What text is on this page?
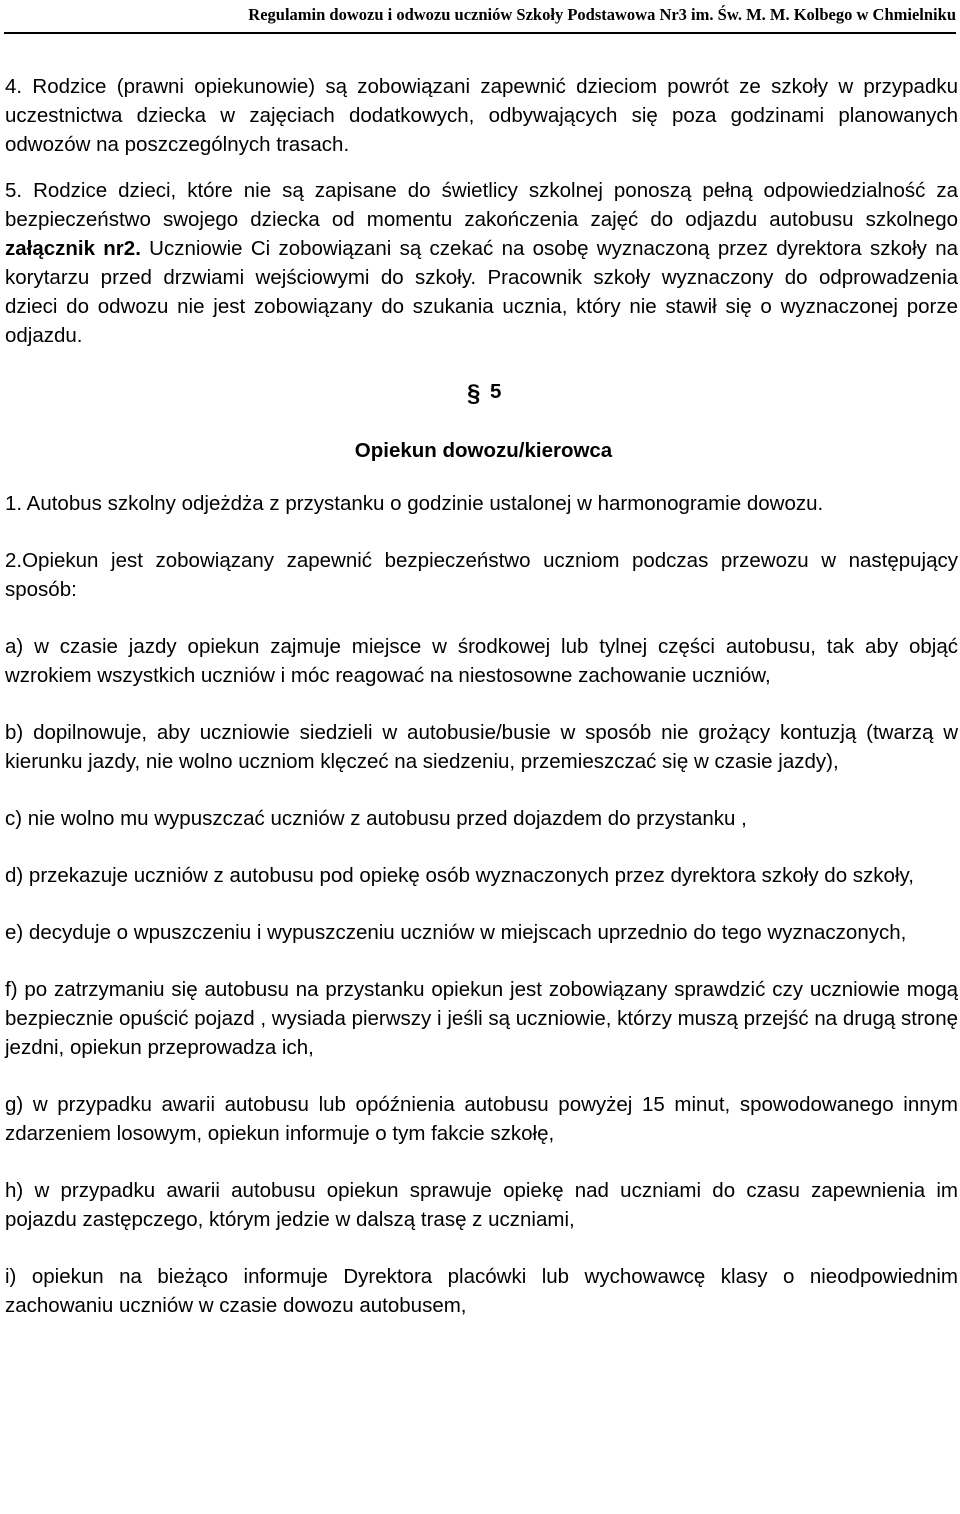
Regulamin dowozu i odwozu uczniów Szkoły Podstawowa Nr3 im. Św. M. M. Kolbego w Chmielniku

4. Rodzice (prawni opiekunowie) są zobowiązani zapewnić dzieciom powrót ze szkoły w przypadku uczestnictwa dziecka w zajęciach dodatkowych, odbywających się poza godzinami planowanych odwozów na poszczególnych trasach.

5. Rodzice dzieci, które nie są zapisane do świetlicy szkolnej ponoszą pełną odpowiedzialność za bezpieczeństwo swojego dziecka od momentu zakończenia zajęć do odjazdu autobusu szkolnego załącznik nr2. Uczniowie Ci zobowiązani są czekać na osobę wyznaczoną przez dyrektora szkoły na korytarzu przed drzwiami wejściowymi do szkoły. Pracownik szkoły wyznaczony do odprowadzenia dzieci do odwozu nie jest zobowiązany do szukania ucznia, który nie stawił się o wyznaczonej porze odjazdu.

§ 5

Opiekun dowozu/kierowca

1. Autobus szkolny odjeżdża z przystanku o godzinie ustalonej w harmonogramie dowozu.

2.Opiekun jest zobowiązany zapewnić bezpieczeństwo uczniom podczas przewozu w następujący sposób:

a) w czasie jazdy opiekun zajmuje miejsce w środkowej lub tylnej części autobusu, tak aby objąć wzrokiem wszystkich uczniów i móc reagować na niestosowne zachowanie uczniów,

b) dopilnowuje, aby uczniowie siedzieli w autobusie/busie w sposób nie grożący kontuzją (twarzą w kierunku jazdy, nie wolno uczniom klęczeć na siedzeniu, przemieszczać się w czasie jazdy),

c) nie wolno mu wypuszczać uczniów z autobusu przed dojazdem do przystanku ,

d) przekazuje uczniów z autobusu pod opiekę osób wyznaczonych przez dyrektora szkoły do szkoły,

e) decyduje o wpuszczeniu i wypuszczeniu uczniów w miejscach uprzednio do tego wyznaczonych,

f) po zatrzymaniu się autobusu na przystanku opiekun jest zobowiązany sprawdzić czy uczniowie mogą bezpiecznie opuścić pojazd , wysiada pierwszy i jeśli są uczniowie, którzy muszą przejść na drugą stronę jezdni, opiekun przeprowadza ich,

g) w przypadku awarii autobusu lub opóźnienia autobusu powyżej 15 minut, spowodowanego innym zdarzeniem losowym, opiekun informuje o tym fakcie szkołę,

h) w przypadku awarii autobusu opiekun sprawuje opiekę nad uczniami do czasu zapewnienia im pojazdu zastępczego, którym jedzie w dalszą trasę z uczniami,

i) opiekun na bieżąco informuje Dyrektora placówki lub wychowawcę klasy o nieodpowiednim zachowaniu uczniów w czasie dowozu autobusem,
